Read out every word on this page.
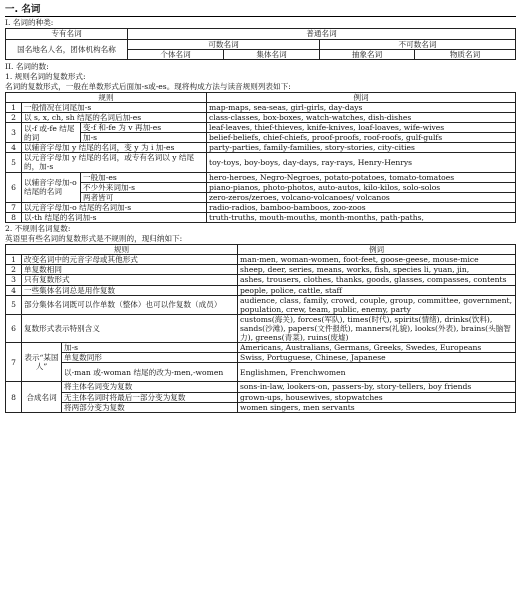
一. 名词
I. 名词的种类:
专有名词	普通名词			
国名地名人名，团体机构名称	可数名词		不可数名词	
	个体名词	集体名词	抽象名词	物质名词
II. 名词的数:
1. 规则名词的复数形式:
名词的复数形式，一般在单数形式后面加-s或-es。现将构成方法与读音规则列表如下:
规则			例词
1	一般情况在词尾加-s		map-maps, sea-seas, girl-girls, day-days
2	以 s, x, ch, sh 结尾的名词后加-es		class-classes, box-boxes, watch-watches, dish-dishes
3	以-f 或-fe 结尾的词	变-f 和-fe 为 v 再加-es	leaf-leaves, thief-thieves, knife-knives, loaf-loaves, wife-wives
		加-s	belief-beliefs, chief-chiefs, proof-proofs, roof-roofs, gulf-gulfs
4	以辅音字母加 y 结尾的名词，变 y 为 i 加-es		party-parties, family-families, story-stories, city-cities
5	以元音字母加 y 结尾的名词，或专有名词以 y 结尾的，加-s		toy-toys, boy-boys, day-days, ray-rays, Henry-Henrys
6	以辅音字母加-o 结尾的名词	一般加-es	hero-heroes, Negro-Negroes, potato-potatoes, tomato-tomatoes
		不少外来词加-s	piano-pianos, photo-photos, auto-autos, kilo-kilos, solo-solos
		两者皆可	zero-zeros/zeroes, volcano-volcanoes/ volcanos
7	以元音字母加-o 结尾的名词加-s		radio-radios, bamboo-bamboos, zoo-zoos
8	以-th 结尾的名词加-s		truth-truths, mouth-mouths, month-months, path-paths,
2. 不规则名词复数:
英语里有些名词的复数形式是不规则的，现归纳如下:
规则			例词
1	改变名词中的元音字母或其他形式		man-men, woman-women, foot-feet, goose-geese, mouse-mice
2	单复数相同		sheep, deer, series, means, works, fish, species li, yuan, jin,
3	只有复数形式		ashes, trousers, clothes, thanks, goods, glasses, compasses, contents
4	一些集体名词总是用作复数		people, police, cattle, staff
5	部分集体名词既可以作单数（整体）也可以作复数（成员）		audience, class, family, crowd, couple, group, committee, government, population, crew, team, public, enemy, party
6	复数形式表示特别含义		customs(海关), forces(军队), times(时代), spirits(情绪), drinks(饮料), sands(沙滩), papers(文件报纸), manners(礼貌), looks(外表), brains(头脑智力), greens(青菜), ruins(废墟)
7	表示“某国人”	加-s	Americans, Australians, Germans, Greeks, Swedes, Europeans
		单复数同形	Swiss, Portuguese, Chinese, Japanese
		以-man 或-woman 结尾的改为-men,-women	Englishmen, Frenchwomen
8	合成名词	将主体名词变为复数	sons-in-law, lookers-on, passers-by, story-tellers, boy friends
		无主体名词时将最后一部分变为复数	grown-ups, housewives, stopwatches
		将两部分变为复数	women singers, men servants
